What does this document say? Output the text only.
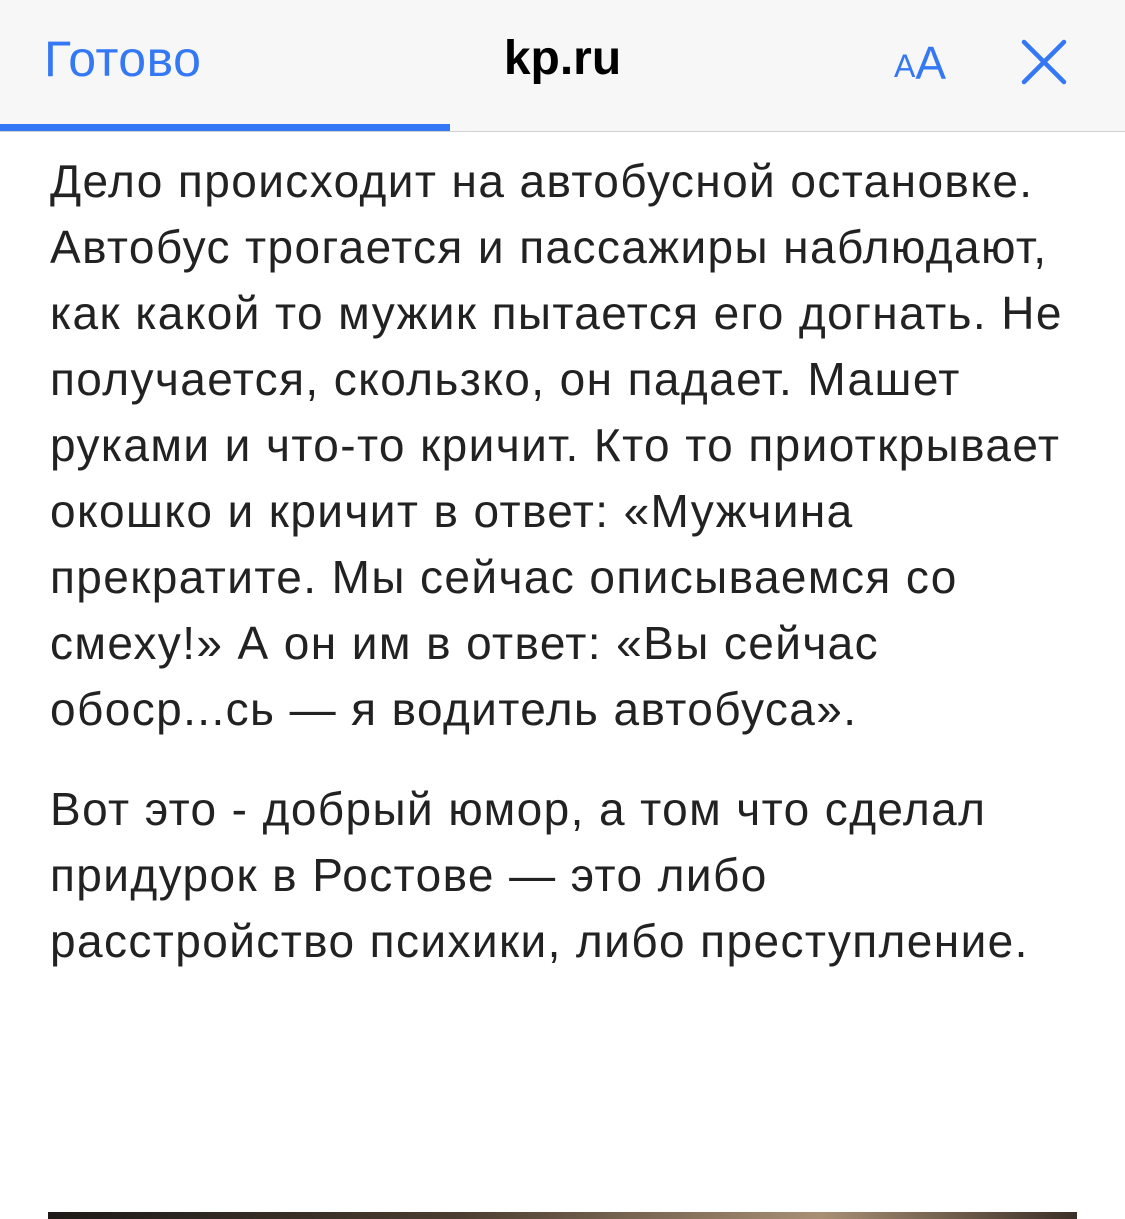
Готово	kp.ru	A A

Дело происходит на автобусной остановке. Автобус трогается и пассажиры наблюдают, как какой то мужик пытается его догнать. Не получается, скользко, он падает. Машет руками и что-то кричит. Кто то приоткрывает окошко и кричит в ответ: «Мужчина прекратите. Мы сейчас описываемся со смеху!» А он им в ответ: «Вы сейчас обоср...сь — я водитель автобуса».

Вот это - добрый юмор, а том что сделал придурок в Ростове — это либо расстройство психики, либо преступление.
